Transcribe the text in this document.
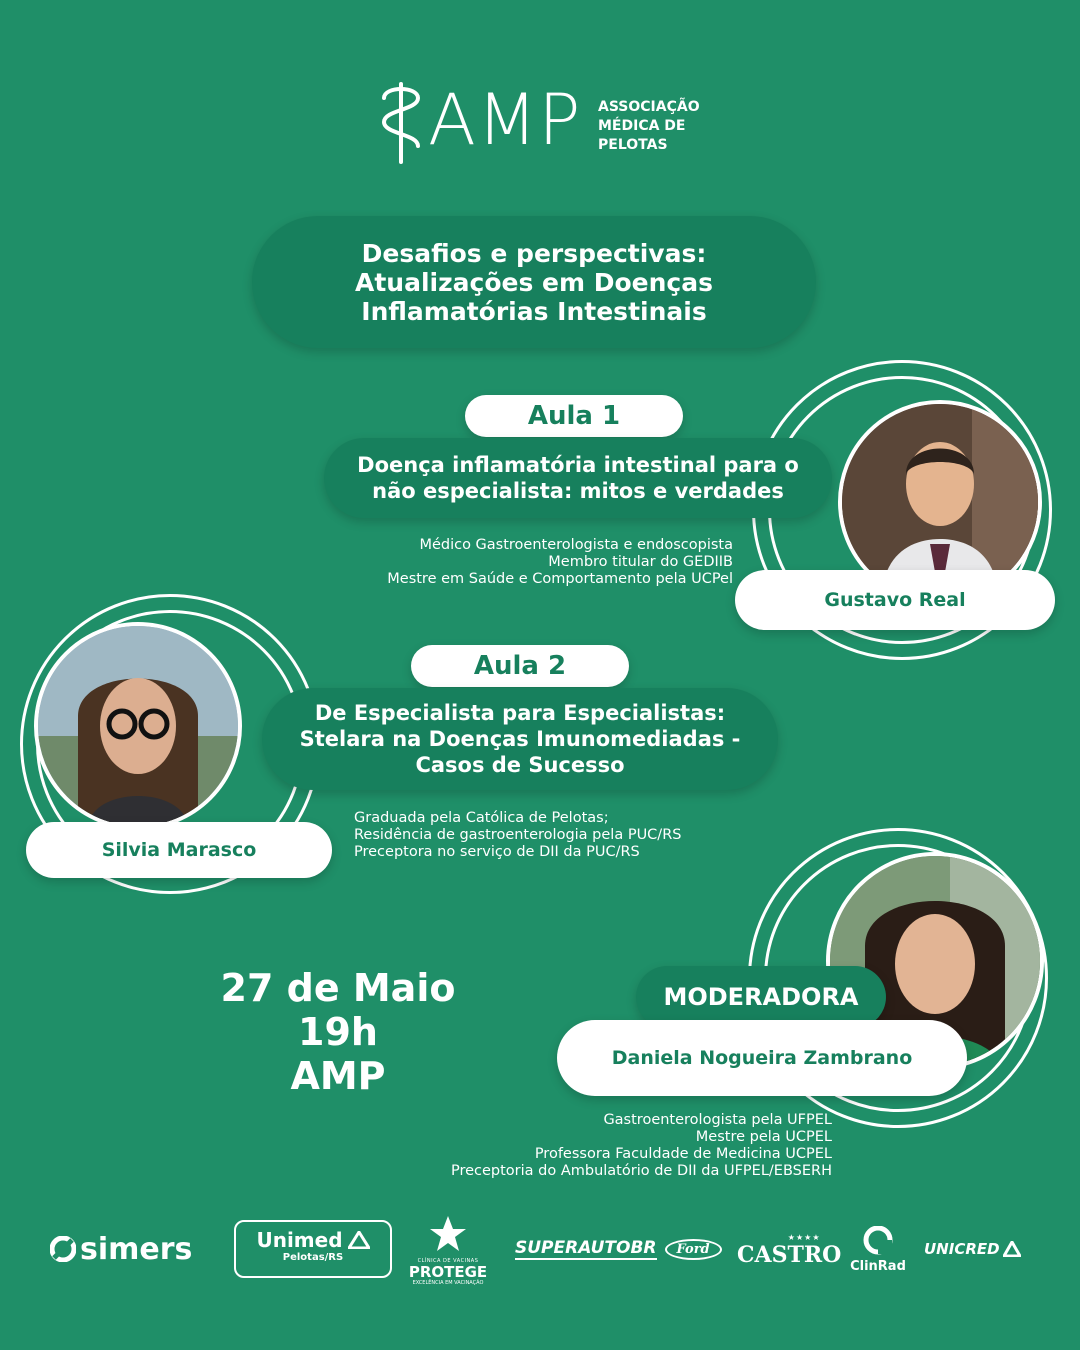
AMP ASSOCIAÇÃO
MÉDICA DE
PELOTAS
Desafios e perspectivas:
Atualizações em Doenças
Inflamatórias Intestinais
Aula 1
Doença inflamatória intestinal para o
não especialista: mitos e verdades
Médico Gastroenterologista e endoscopista
Membro titular do GEDIIB
Mestre em Saúde e Comportamento pela UCPel
Gustavo Real
Aula 2
De Especialista para Especialistas:
Stelara na Doenças Imunomediadas -
Casos de Sucesso
Silvia Marasco
Graduada pela Católica de Pelotas;
Residência de gastroenterologia pela PUC/RS
Preceptora no serviço de DII da PUC/RS
27 de Maio
19h
AMP
MODERADORA
Daniela Nogueira Zambrano
Gastroenterologista pela UFPEL
Mestre pela UCPEL
Professora Faculdade de Medicina UCPEL
Preceptoria do Ambulatório de DII da UFPEL/EBSERH
simers	Unimed
Pelotas/RS	CLÍNICA DE VACINAS
PROTEGE
EXCELÊNCIA EM VACINAÇÃO
SUPERAUTOBR	Ford
★★★★
CASTRO ClinRad
UNICRED
